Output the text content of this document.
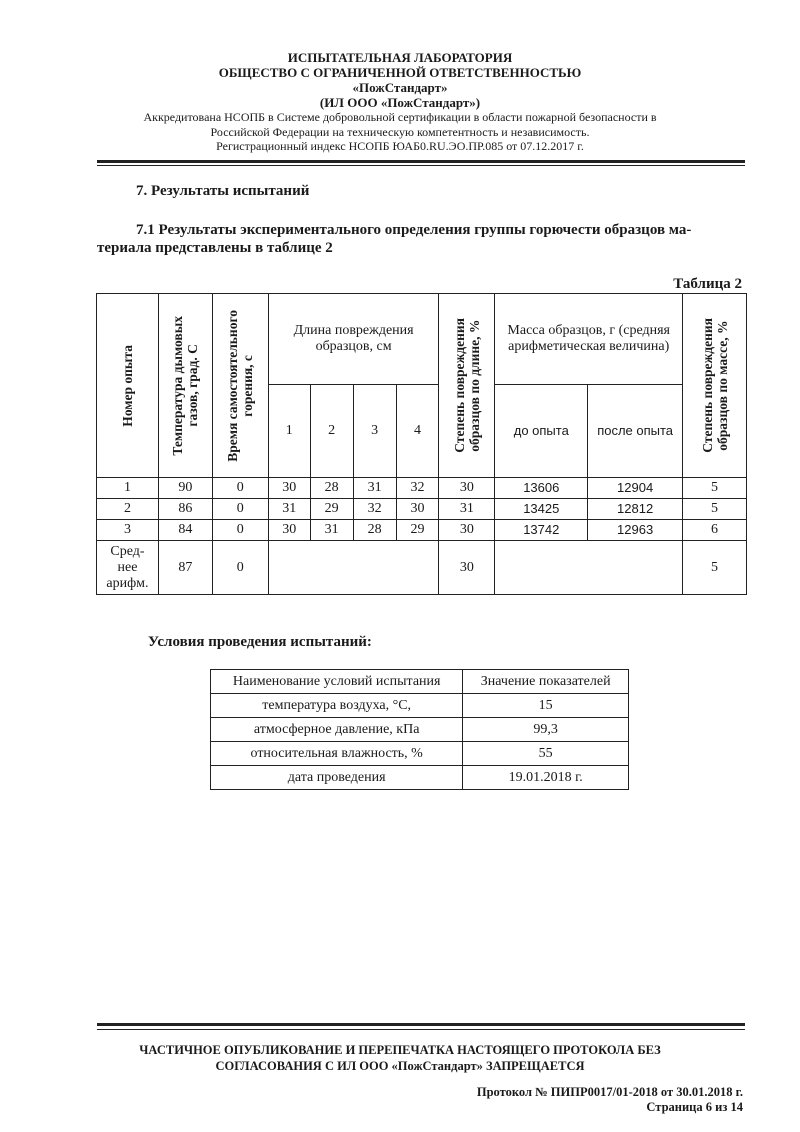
ИСПЫТАТЕЛЬНАЯ ЛАБОРАТОРИЯ
ОБЩЕСТВО С ОГРАНИЧЕННОЙ ОТВЕТСТВЕННОСТЬЮ
«ПожСтандарт»
(ИЛ ООО «ПожСтандарт»)
Аккредитована НСОПБ в Системе добровольной сертификации в области пожарной безопасности в
Российской Федерации на техническую компетентность и независимость.
Регистрационный индекс НСОПБ ЮАБ0.RU.ЭО.ПР.085 от 07.12.2017 г.
7. Результаты испытаний
7.1 Результаты экспериментального определения группы горючести образцов ма-
териала представлены в таблице 2
Таблица 2
Номер опыта	Температура дымовых
газов, град. С	Время самостоятельного
горения, с	Длина повреждения образцов, см				Степень повреждения
образцов по длине, %	Масса образцов, г (средняя арифметическая величина)		Степень повреждения
образцов по массе, %

			1	2	3	4		до опыта	после опыта	
1	90	0	30	28	31	32	30	13606	12904	5
2	86	0	31	29	32	30	31	13425	12812	5
3	84	0	30	31	28	29	30	13742	12963	6
Сред-
нее
арифм.	87	0					30			5
Условия проведения испытаний:
Наименование условий испытания	Значение показателей
температура воздуха, °С,	15
атмосферное давление, кПа	99,3
относительная влажность, %	55
дата проведения	19.01.2018 г.
ЧАСТИЧНОЕ ОПУБЛИКОВАНИЕ И ПЕРЕПЕЧАТКА НАСТОЯЩЕГО ПРОТОКОЛА БЕЗ
СОГЛАСОВАНИЯ С ИЛ ООО «ПожСтандарт» ЗАПРЕЩАЕТСЯ
Протокол № ПИПР0017/01-2018 от 30.01.2018 г.
Страница 6 из 14
